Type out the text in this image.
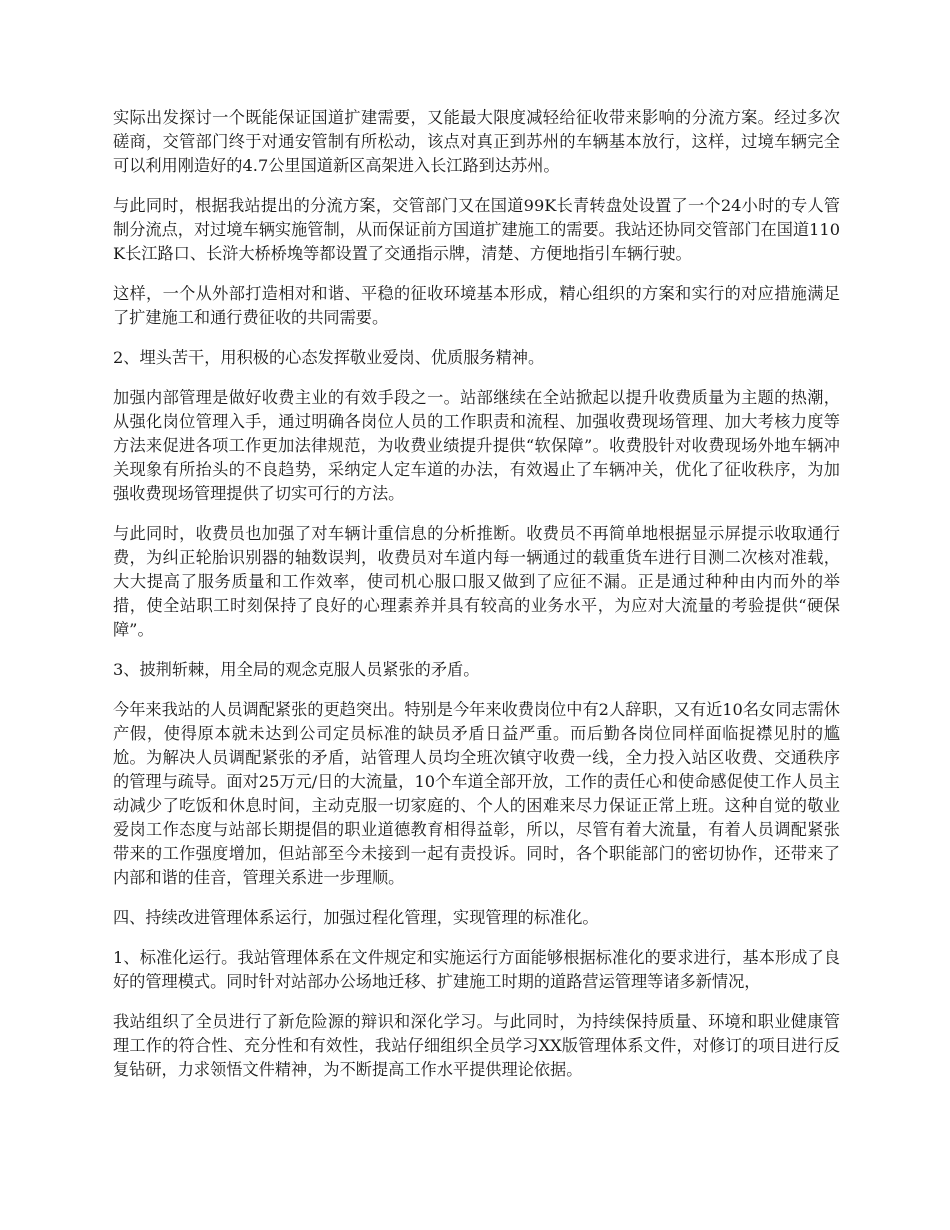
实际出发探讨一个既能保证国道扩建需要，又能最大限度减轻给征收带来影响的分流方案。经过多次磋商，交管部门终于对通安管制有所松动，该点对真正到苏州的车辆基本放行，这样，过境车辆完全可以利用刚造好的4.7公里国道新区高架进入长江路到达苏州。

与此同时，根据我站提出的分流方案，交管部门又在国道99K长青转盘处设置了一个24小时的专人管制分流点，对过境车辆实施管制，从而保证前方国道扩建施工的需要。我站还协同交管部门在国道110K长江路口、长浒大桥桥堍等都设置了交通指示牌，清楚、方便地指引车辆行驶。

这样，一个从外部打造相对和谐、平稳的征收环境基本形成，精心组织的方案和实行的对应措施满足了扩建施工和通行费征收的共同需要。

2、埋头苦干，用积极的心态发挥敬业爱岗、优质服务精神。

加强内部管理是做好收费主业的有效手段之一。站部继续在全站掀起以提升收费质量为主题的热潮，从强化岗位管理入手，通过明确各岗位人员的工作职责和流程、加强收费现场管理、加大考核力度等方法来促进各项工作更加法律规范，为收费业绩提升提供“软保障”。收费股针对收费现场外地车辆冲关现象有所抬头的不良趋势，采纳定人定车道的办法，有效遏止了车辆冲关，优化了征收秩序，为加强收费现场管理提供了切实可行的方法。

与此同时，收费员也加强了对车辆计重信息的分析推断。收费员不再简单地根据显示屏提示收取通行费，为纠正轮胎识别器的轴数误判，收费员对车道内每一辆通过的载重货车进行目测二次核对准载，大大提高了服务质量和工作效率，使司机心服口服又做到了应征不漏。正是通过种种由内而外的举措，使全站职工时刻保持了良好的心理素养并具有较高的业务水平，为应对大流量的考验提供“硬保障”。

3、披荆斩棘，用全局的观念克服人员紧张的矛盾。

今年来我站的人员调配紧张的更趋突出。特别是今年来收费岗位中有2人辞职，又有近10名女同志需休产假，使得原本就未达到公司定员标准的缺员矛盾日益严重。而后勤各岗位同样面临捉襟见肘的尴尬。为解决人员调配紧张的矛盾，站管理人员均全班次镇守收费一线，全力投入站区收费、交通秩序的管理与疏导。面对25万元/日的大流量，10个车道全部开放，工作的责任心和使命感促使工作人员主动减少了吃饭和休息时间，主动克服一切家庭的、个人的困难来尽力保证正常上班。这种自觉的敬业爱岗工作态度与站部长期提倡的职业道德教育相得益彰，所以，尽管有着大流量，有着人员调配紧张带来的工作强度增加，但站部至今未接到一起有责投诉。同时，各个职能部门的密切协作，还带来了内部和谐的佳音，管理关系进一步理顺。

四、持续改进管理体系运行，加强过程化管理，实现管理的标准化。

1、标准化运行。我站管理体系在文件规定和实施运行方面能够根据标准化的要求进行，基本形成了良好的管理模式。同时针对站部办公场地迁移、扩建施工时期的道路营运管理等诸多新情况，

我站组织了全员进行了新危险源的辩识和深化学习。与此同时，为持续保持质量、环境和职业健康管理工作的符合性、充分性和有效性，我站仔细组织全员学习XX版管理体系文件，对修订的项目进行反复钻研，力求领悟文件精神，为不断提高工作水平提供理论依据。
